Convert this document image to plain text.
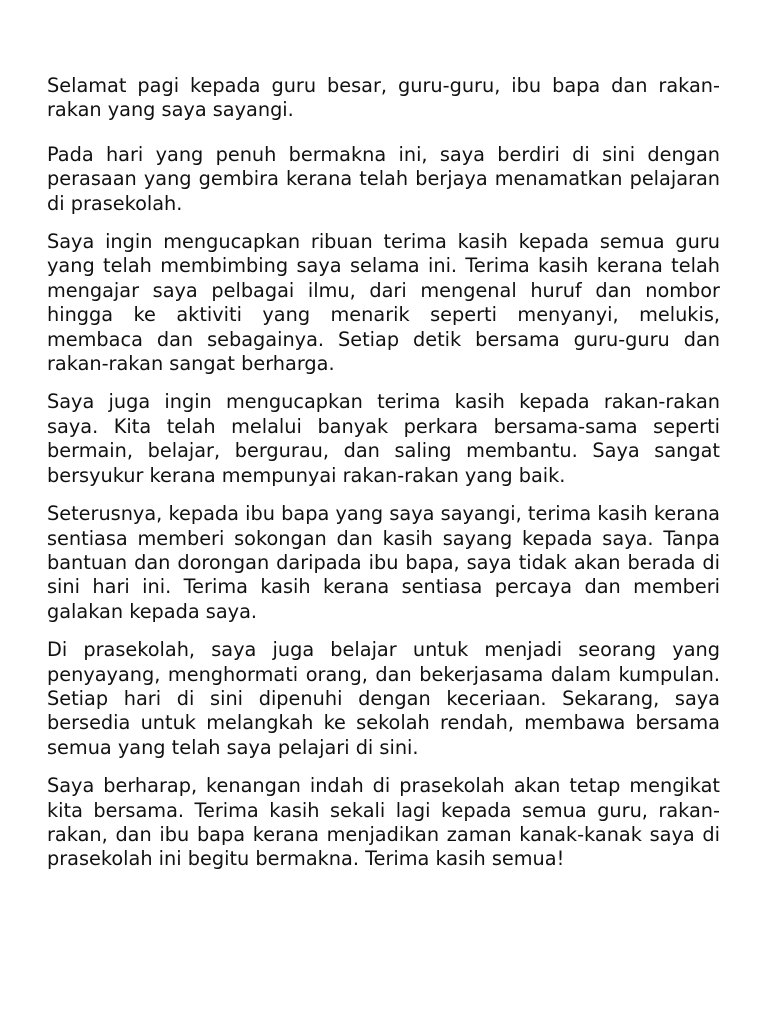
Selamat pagi kepada guru besar, guru-guru, ibu bapa dan rakan-rakan yang saya sayangi.

Pada hari yang penuh bermakna ini, saya berdiri di sini dengan perasaan yang gembira kerana telah berjaya menamatkan pelajaran di prasekolah.

Saya ingin mengucapkan ribuan terima kasih kepada semua guru yang telah membimbing saya selama ini. Terima kasih kerana telah mengajar saya pelbagai ilmu, dari mengenal huruf dan nombor hingga ke aktiviti yang menarik seperti menyanyi, melukis, membaca dan sebagainya. Setiap detik bersama guru-guru dan rakan-rakan sangat berharga.

Saya juga ingin mengucapkan terima kasih kepada rakan-rakan saya. Kita telah melalui banyak perkara bersama-sama seperti bermain, belajar, bergurau, dan saling membantu. Saya sangat bersyukur kerana mempunyai rakan-rakan yang baik.

Seterusnya, kepada ibu bapa yang saya sayangi, terima kasih kerana sentiasa memberi sokongan dan kasih sayang kepada saya. Tanpa bantuan dan dorongan daripada ibu bapa, saya tidak akan berada di sini hari ini. Terima kasih kerana sentiasa percaya dan memberi galakan kepada saya.

Di prasekolah, saya juga belajar untuk menjadi seorang yang penyayang, menghormati orang, dan bekerjasama dalam kumpulan. Setiap hari di sini dipenuhi dengan keceriaan. Sekarang, saya bersedia untuk melangkah ke sekolah rendah, membawa bersama semua yang telah saya pelajari di sini.

Saya berharap, kenangan indah di prasekolah akan tetap mengikat kita bersama. Terima kasih sekali lagi kepada semua guru, rakan-rakan, dan ibu bapa kerana menjadikan zaman kanak-kanak saya di prasekolah ini begitu bermakna. Terima kasih semua!
